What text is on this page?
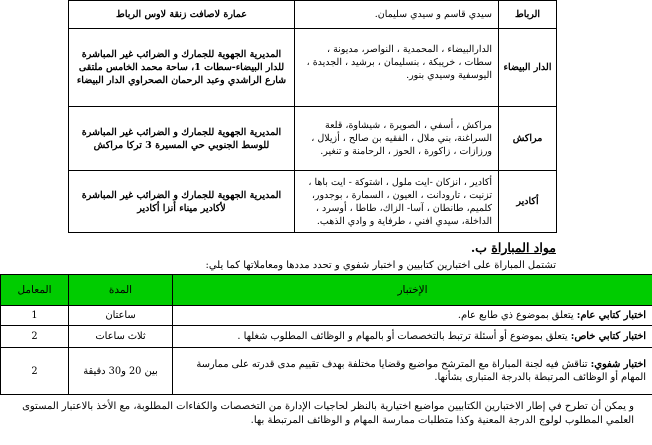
عمارة لاصافت زنقة لاوس الرباط	سيدي قاسم و سيدي سليمان.	الرباط
المديرية الجهوية للجمارك و الضرائب غير المباشرة للدار البيضاء-سطات 1، ساحة محمد الخامس ملتقى شارع الراشدي وعبد الرحمان الصحراوي الدار البيضاء	الدارالبيضاء ، المحمدية ، النواصر، مديونة ، سطات ، خريبكة ، بنسليمان ، برشيد ، الجديدة ، اليوسفية وسيدي بنور.	الدار البيضاء
المديرية الجهوية للجمارك و الضرائب غير المباشرة للوسط الجنوبي حي المسيرة 3 تركا مراكش	مراكش ، أسفي ، الصويرة ، شيشاوة، قلعة السراغنة، بني ملال ، الفقيه بن صالح ، أزيلال ، ورزازات ، زاكورة ، الحوز ، الرحامنة و تنغير.	مراكش
المديرية الجهوية للجمارك و الضرائب غير المباشرة لأكادير ميناء أنزا أكادير	أكادير ، انزكان -ايت ملول ، اشتوكة - ايت باها ، تزنيت ، تارودانت ، العيون ، السمارة ، بوجدور، كلميم، طانطان ، آسا- الزاك، طاطا ، أوسرد ، الداخلة، سيدي افني ، طرفاية و وادي الذهب.	أكادير
مواد المباراة ب.
تشتمل المباراة على اختبارين كتابيين و اختبار شفوي و تحدد مددها ومعاملاتها كما يلي:
الإختبار	المدة	المعامل
اختبار كتابي عام: يتعلق بموضوع ذي طابع عام.	ساعتان	1
اختبار كتابي خاص: يتعلق بموضوع أو أسئلة ترتبط بالتخصصات أو بالمهام و الوظائف المطلوب شغلها .	ثلاث ساعات	2
اختبار شفوي: تناقش فيه لجنة المباراة مع المترشح مواضيع وقضايا مختلفة بهدف تقييم مدى قدرته على ممارسة المهام أو الوظائف المرتبطة بالدرجة المتبارى بشأنها.	بين 20 و30 دقيقة	2
و يمكن أن تطرح في إطار الاختبارين الكتابيين مواضيع اختيارية بالنظر لحاجيات الإدارة من التخصصات والكفاءات المطلوبة، مع الأخذ بالاعتبار المستوى العلمي المطلوب لولوج الدرجة المعنية وكذا متطلبات ممارسة المهام و الوظائف المرتبطة بها.
